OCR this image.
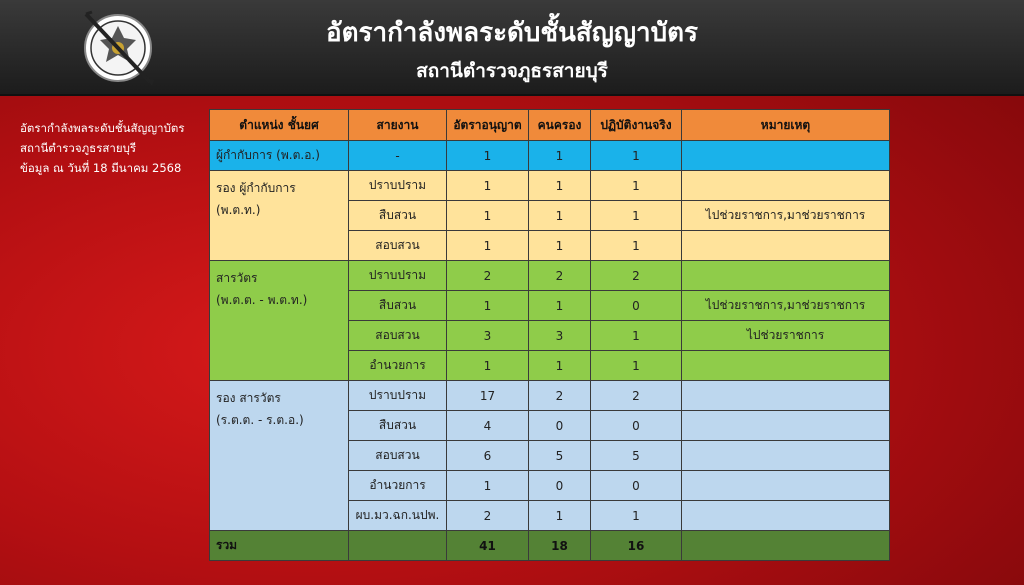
อัตรากำลังพลระดับชั้นสัญญาบัตร
สถานีตำรวจภูธรสายบุรี
อัตรากำลังพลระดับชั้นสัญญาบัตร
สถานีตำรวจภูธรสายบุรี
ข้อมูล ณ วันที่ 18 มีนาคม 2568
ตำแหน่ง ชั้นยศ	สายงาน	อัตราอนุญาต	คนครอง	ปฏิบัติงานจริง	หมายเหตุ
ผู้กำกับการ (พ.ต.อ.)	-	1	1	1	

รอง ผู้กำกับการ
(พ.ต.ท.)	ปราบปราม	1	1	1	
	สืบสวน	1	1	1	ไปช่วยราชการ,มาช่วยราชการ
	สอบสวน	1	1	1	

สารวัตร
(พ.ต.ต. - พ.ต.ท.)	ปราบปราม	2	2	2	
	สืบสวน	1	1	0	ไปช่วยราชการ,มาช่วยราชการ
	สอบสวน	3	3	1	ไปช่วยราชการ
	อำนวยการ	1	1	1	

รอง สารวัตร
(ร.ต.ต. - ร.ต.อ.)	ปราบปราม	17	2	2	
	สืบสวน	4	0	0	
	สอบสวน	6	5	5	
	อำนวยการ	1	0	0	
	ผบ.มว.ฉก.นปพ.	2	1	1	
รวม		41	18	16	
